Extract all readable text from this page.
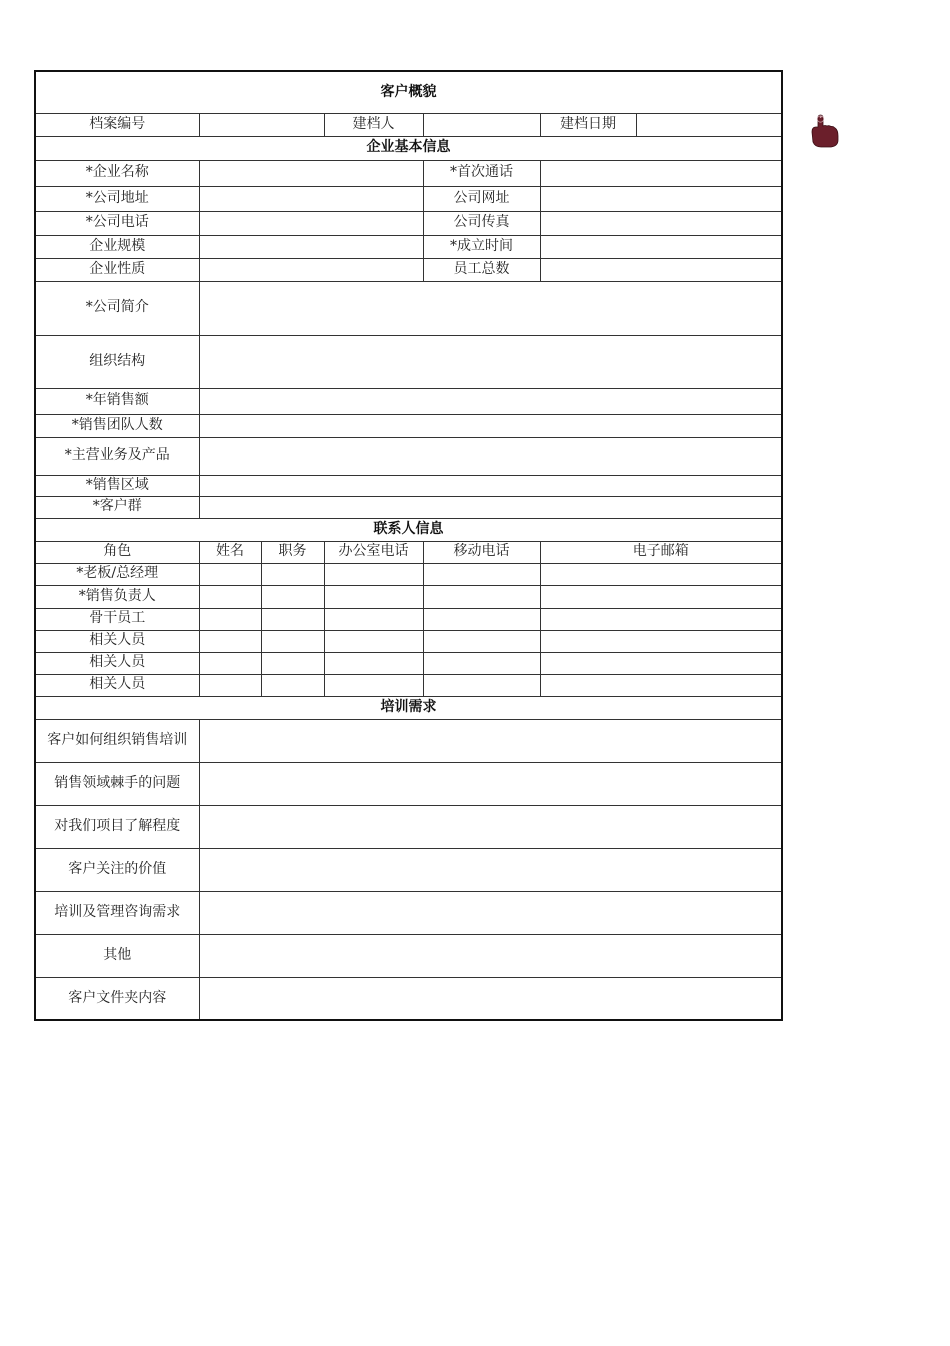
客户概貌						
档案编号			建档人		建档日期	
企业基本信息						
*企业名称				*首次通话		
*公司地址				公司网址		
*公司电话				公司传真		
企业规模				*成立时间		
企业性质				员工总数		
*公司简介						
组织结构						
*年销售额						
*销售团队人数						
*主营业务及产品						
*销售区域						
*客户群						
联系人信息						
角色	姓名	职务	办公室电话	移动电话	电子邮箱	
*老板/总经理						
*销售负责人						
骨干员工						
相关人员						
相关人员						
相关人员						
培训需求						
客户如何组织销售培训						
销售领域棘手的问题						
对我们项目了解程度						
客户关注的价值						
培训及管理咨询需求						
其他						
客户文件夹内容						
